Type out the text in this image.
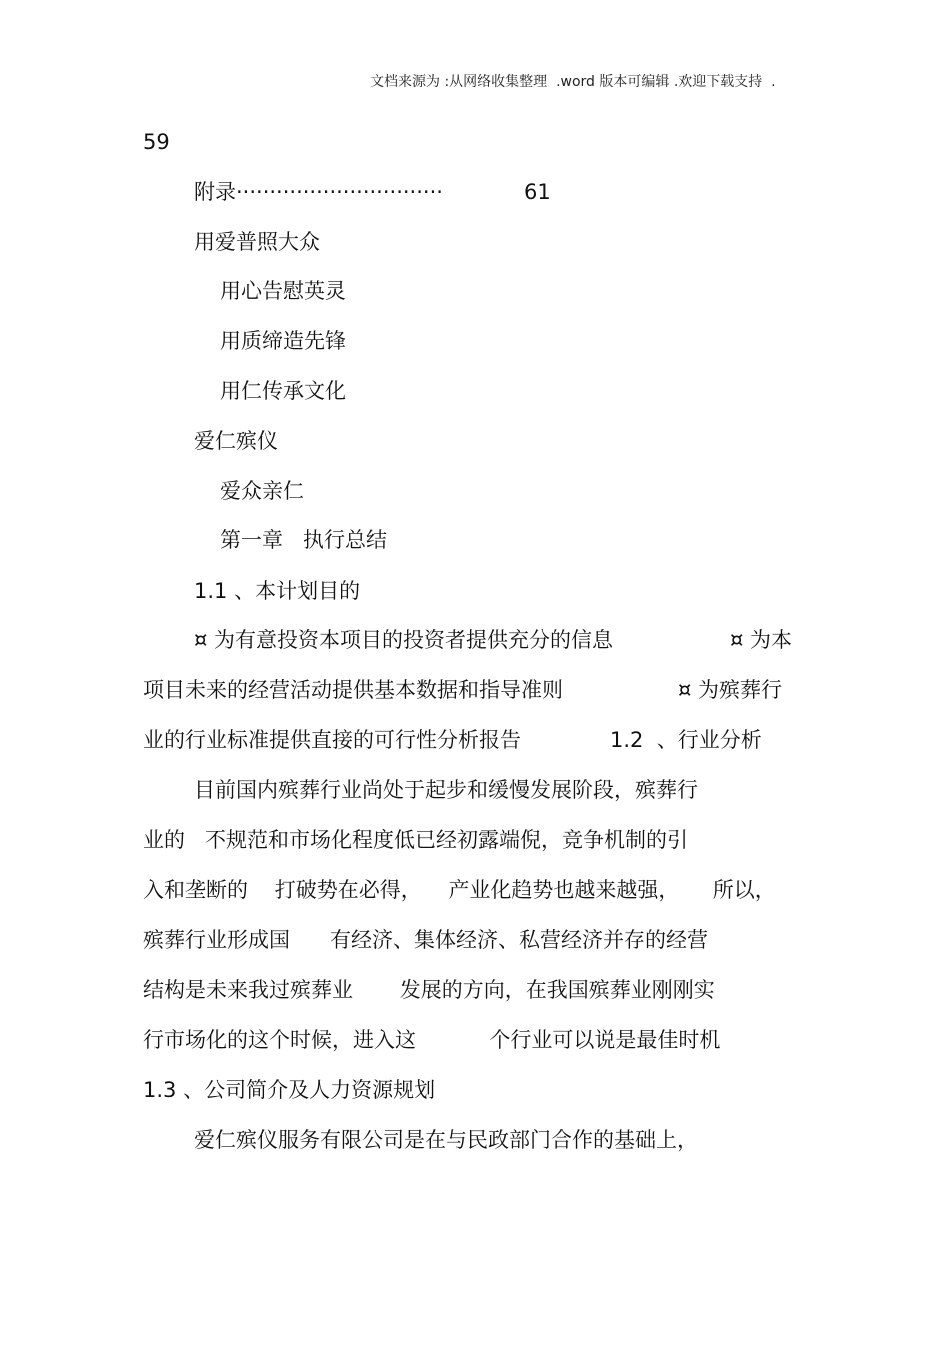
文档来源为 :从网络收集整理  .word 版本可编辑 .欢迎下载支持  .
59
附录·······························	61
用爱普照大众
用心告慰英灵
用质缔造先锋
用仁传承文化
爱仁殡仪
爱众亲仁
第一章   执行总结
1.1 、本计划目的
¤ 为有意投资本项目的投资者提供充分的信息	¤ 为本
项目未来的经营活动提供基本数据和指导准则	¤ 为殡葬行
业的行业标准提供直接的可行性分析报告	1.2  、行业分析
目前国内殡葬行业尚处于起步和缓慢发展阶段，殡葬行
业的   不规范和市场化程度低已经初露端倪，竞争机制的引
入和垄断的    打破势在必得，    产业化趋势也越来越强，     所以，
殡葬行业形成国      有经济、集体经济、私营经济并存的经营
结构是未来我过殡葬业       发展的方向，在我国殡葬业刚刚实
行市场化的这个时候，进入这           个行业可以说是最佳时机
1.3 、公司简介及人力资源规划
爱仁殡仪服务有限公司是在与民政部门合作的基础上，
